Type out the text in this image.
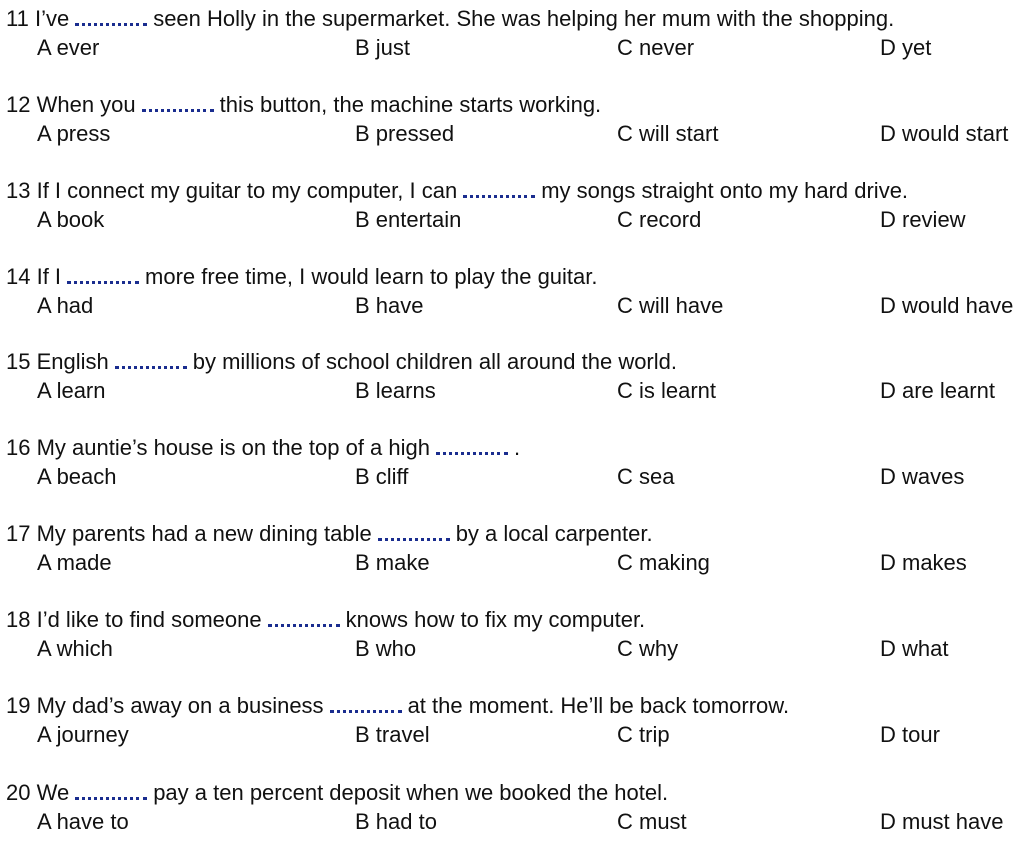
11 I’ve	seen Holly in the supermarket. She was helping her mum with the shopping.
A ever	B just	C never	D yet
12 When you	this button, the machine starts working.
A press	B pressed	C will start	D would start
13 If I connect my guitar to my computer, I can	my songs straight onto my hard drive.
A book	B entertain	C record	D review
14 If I	more free time, I would learn to play the guitar.
A had	B have	C will have	D would have
15 English	by millions of school children all around the world.
A learn	B learns	C is learnt	D are learnt
16 My auntie’s house is on the top of a high	.
A beach	B cliff	C sea	D waves
17 My parents had a new dining table	by a local carpenter.
A made	B make	C making	D makes
18 I’d like to find someone	knows how to fix my computer.
A which	B who	C why	D what
19 My dad’s away on a business	at the moment. He’ll be back tomorrow.
A journey	B travel	C trip	D tour
20 We	pay a ten percent deposit when we booked the hotel.
A have to	B had to	C must	D must have
